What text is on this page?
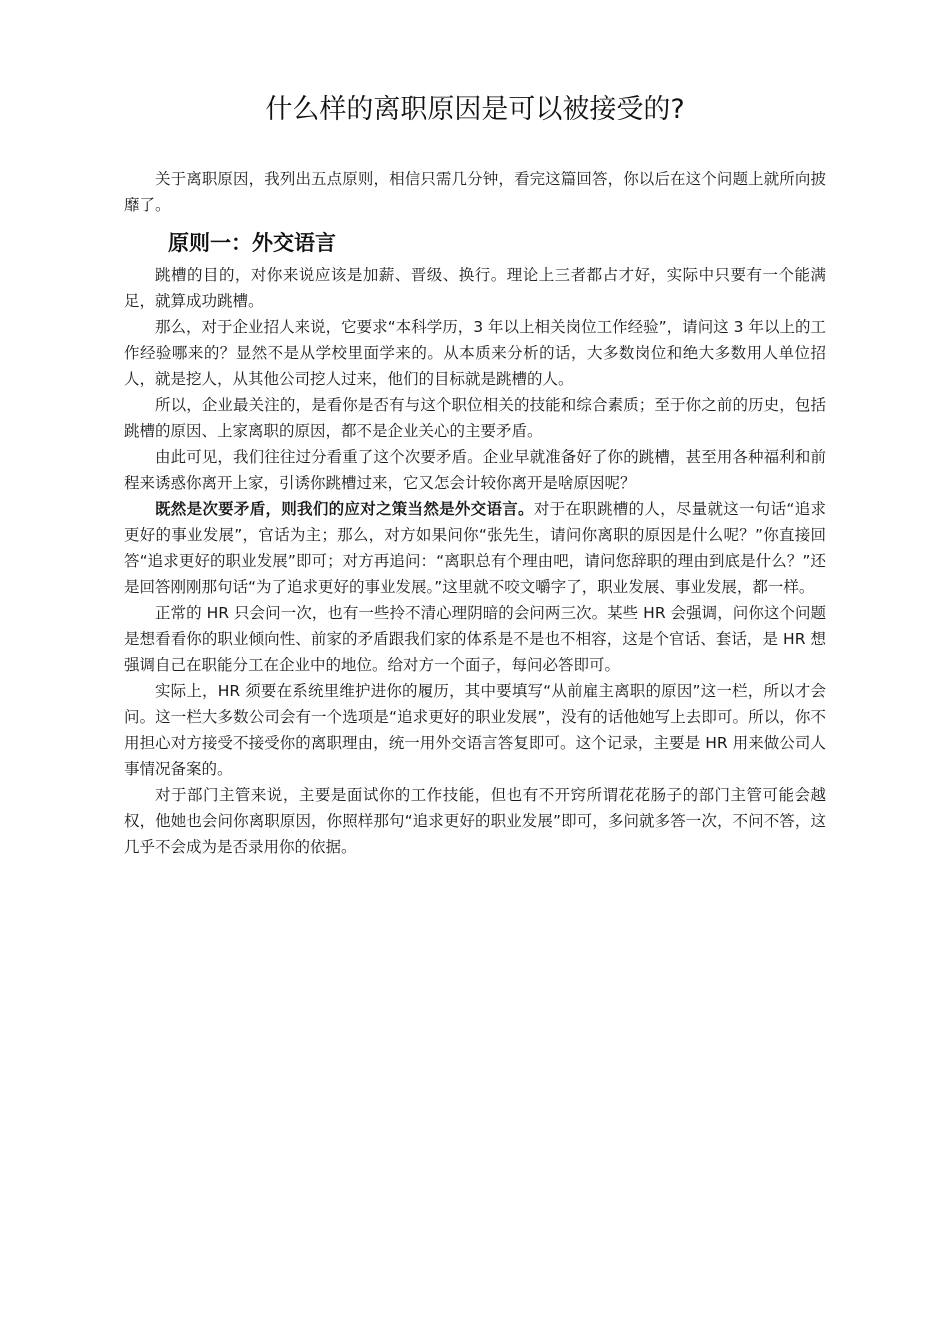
什么样的离职原因是可以被接受的?

关于离职原因，我列出五点原则，相信只需几分钟，看完这篇回答，你以后在这个问题上就所向披靡了。

原则一：外交语言

跳槽的目的，对你来说应该是加薪、晋级、换行。理论上三者都占才好，实际中只要有一个能满足，就算成功跳槽。

那么，对于企业招人来说，它要求“本科学历，3 年以上相关岗位工作经验”，请问这 3 年以上的工作经验哪来的？显然不是从学校里面学来的。从本质来分析的话，大多数岗位和绝大多数用人单位招人，就是挖人，从其他公司挖人过来，他们的目标就是跳槽的人。

所以，企业最关注的，是看你是否有与这个职位相关的技能和综合素质；至于你之前的历史，包括跳槽的原因、上家离职的原因，都不是企业关心的主要矛盾。

由此可见，我们往往过分看重了这个次要矛盾。企业早就准备好了你的跳槽，甚至用各种福利和前程来诱惑你离开上家，引诱你跳槽过来，它又怎会计较你离开是啥原因呢？

既然是次要矛盾，则我们的应对之策当然是外交语言。对于在职跳槽的人，尽量就这一句话“追求更好的事业发展”，官话为主；那么，对方如果问你“张先生，请问你离职的原因是什么呢？”你直接回答“追求更好的职业发展”即可；对方再追问：“离职总有个理由吧，请问您辞职的理由到底是什么？”还是回答刚刚那句话“为了追求更好的事业发展。”这里就不咬文嚼字了，职业发展、事业发展，都一样。

正常的 HR 只会问一次，也有一些拎不清心理阴暗的会问两三次。某些 HR 会强调，问你这个问题是想看看你的职业倾向性、前家的矛盾跟我们家的体系是不是也不相容，这是个官话、套话，是 HR 想强调自己在职能分工在企业中的地位。给对方一个面子，每问必答即可。

实际上，HR 须要在系统里维护进你的履历，其中要填写“从前雇主离职的原因”这一栏，所以才会问。这一栏大多数公司会有一个选项是“追求更好的职业发展”，没有的话他她写上去即可。所以，你不用担心对方接受不接受你的离职理由，统一用外交语言答复即可。这个记录，主要是 HR 用来做公司人事情况备案的。

对于部门主管来说，主要是面试你的工作技能，但也有不开窍所谓花花肠子的部门主管可能会越权，他她也会问你离职原因，你照样那句“追求更好的职业发展”即可，多问就多答一次，不问不答，这几乎不会成为是否录用你的依据。
